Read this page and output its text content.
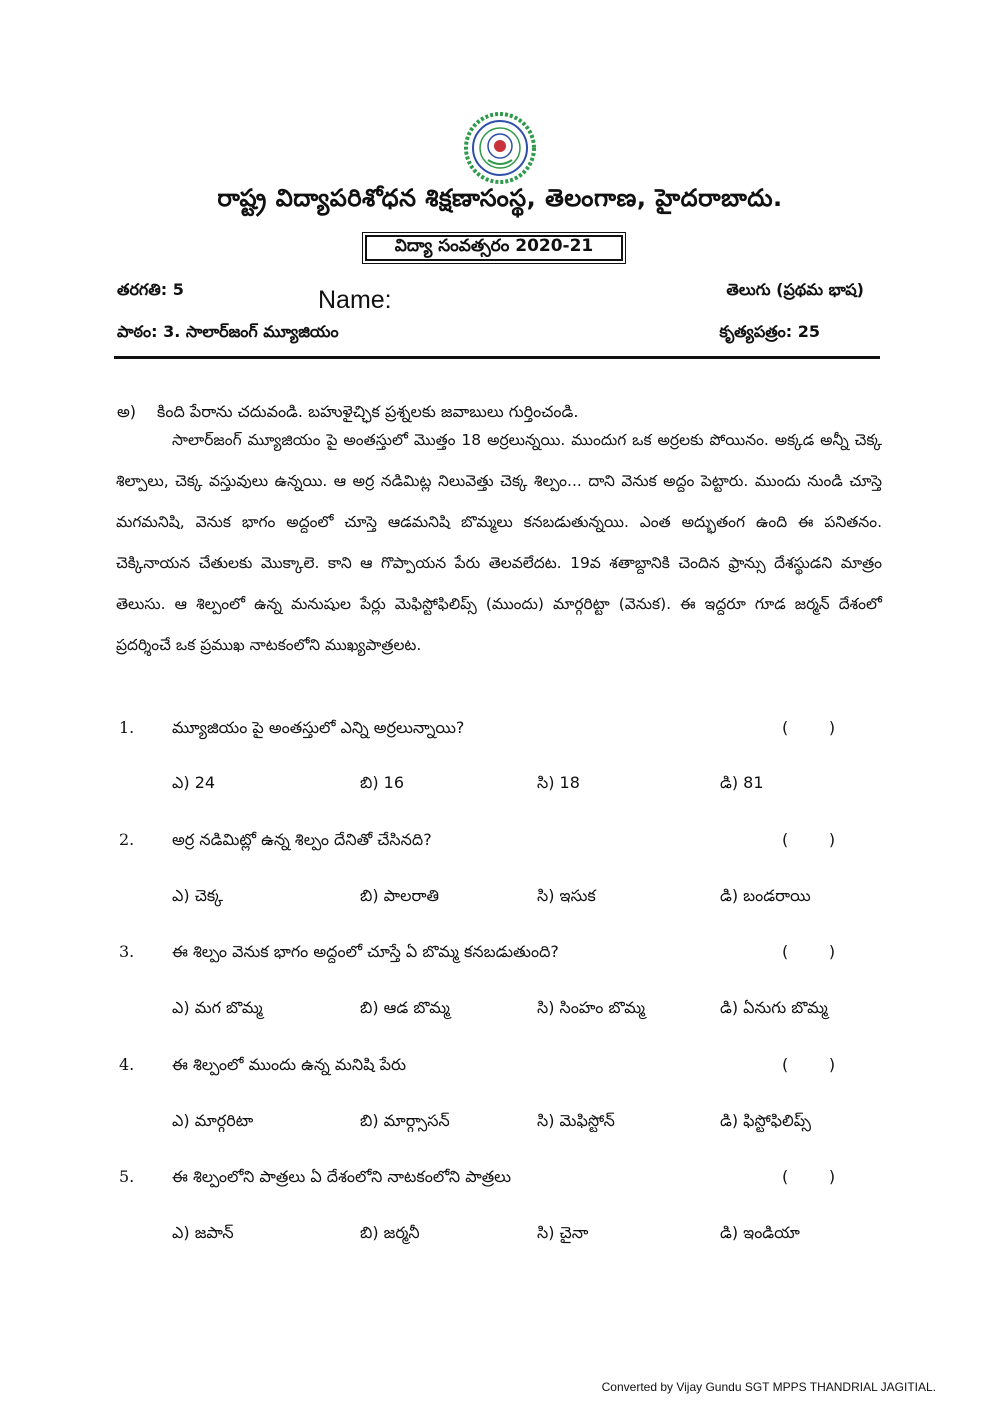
రాష్ట్ర విద్యాపరిశోధన శిక్షణాసంస్థ, తెలంగాణ, హైదరాబాదు.
విద్యా సంవత్సరం 2020-21
తరగతి: 5	Name:	తెలుగు (ప్రథమ భాష)
పాఠం: 3. సాలార్‌జంగ్ మ్యూజియం	కృత్యపత్రం: 25
అ) కింది పేరాను చదువండి. బహుళైచ్ఛిక ప్రశ్నలకు జవాబులు గుర్తించండి.

సాలార్‌జంగ్ మ్యూజియం పై అంతస్తులో మొత్తం 18 అర్రలున్నయి. ముందుగ ఒక అర్రలకు పోయినం. అక్కడ అన్నీ చెక్క శిల్పాలు, చెక్క వస్తువులు ఉన్నయి. ఆ అర్ర నడిమిట్ల నిలువెత్తు చెక్క శిల్పం... దాని వెనుక అద్దం పెట్టారు. ముందు నుండి చూస్తె మగమనిషి, వెనుక భాగం అద్దంలో చూస్తె ఆడమనిషి బొమ్మలు కనబడుతున్నయి. ఎంత అద్భుతంగ ఉంది ఈ పనితనం. చెక్కినాయన చేతులకు మొక్కాలె. కాని ఆ గొప్పాయన పేరు తెలవలేదట. 19వ శతాబ్దానికి చెందిన ఫ్రాన్సు దేశస్థుడని మాత్రం తెలుసు. ఆ శిల్పంలో ఉన్న మనుషుల పేర్లు మెఫిస్టోఫిలిప్స్ (ముందు) మార్గరిట్టా (వెనుక). ఈ ఇద్దరూ గూడ జర్మన్ దేశంలో ప్రదర్శించే ఒక ప్రముఖ నాటకంలోని ముఖ్యపాత్రలట.

1. మ్యూజియం పై అంతస్తులో ఎన్ని అర్రలున్నాయి?	(        )
ఎ) 24	బి) 16	సి) 18	డి) 81
2. అర్ర నడిమిట్లో ఉన్న శిల్పం దేనితో చేసినది?	(        )
ఎ) చెక్క	బి) పాలరాతి	సి) ఇసుక	డి) బండరాయి
3. ఈ శిల్పం వెనుక భాగం అద్దంలో చూస్తే ఏ బొమ్మ కనబడుతుంది?	(        )
ఎ) మగ బొమ్మ	బి) ఆడ బొమ్మ	సి) సింహం బొమ్మ	డి) ఏనుగు బొమ్మ
4. ఈ శిల్పంలో ముందు ఉన్న మనిషి పేరు	(        )
ఎ) మార్గరిటా	బి) మార్గ్సాసన్	సి) మెఫిస్టోన్	డి) ఫిస్టోఫిలిప్స్
5. ఈ శిల్పంలోని పాత్రలు ఏ దేశంలోని నాటకంలోని పాత్రలు	(        )
ఎ) జపాన్	బి) జర్మనీ	సి) చైనా	డి) ఇండియా
Converted by Vijay Gundu SGT MPPS THANDRIAL JAGITIAL.
